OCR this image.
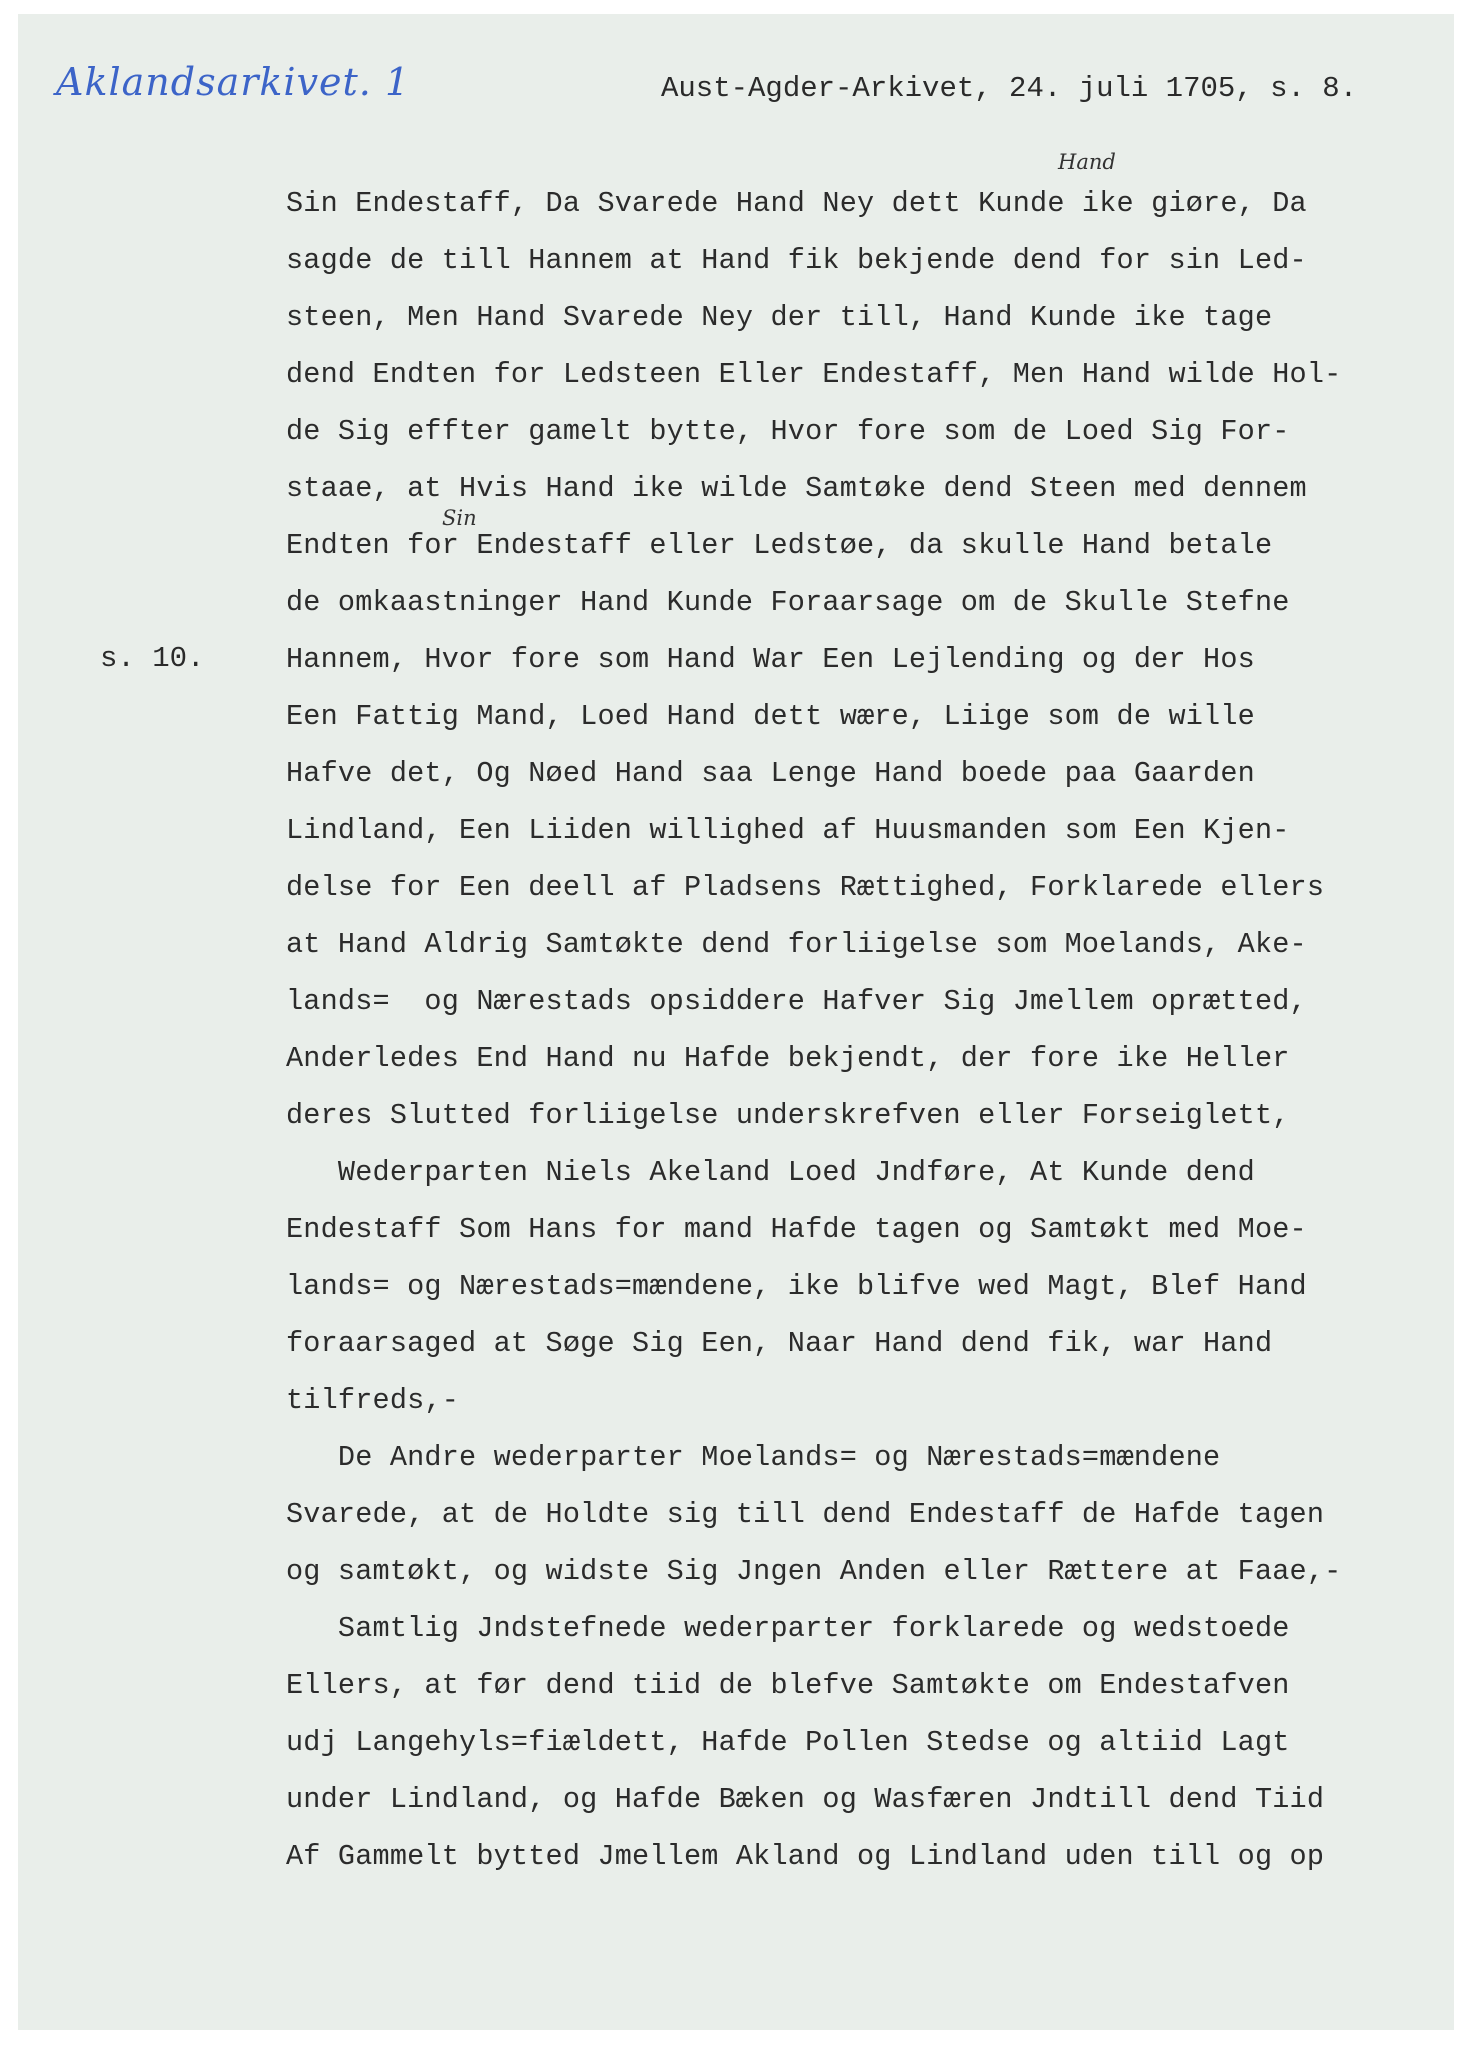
Aklandsarkivet. 1	Aust-Agder-Arkivet, 24. juli 1705, s. 8.
Hand
Sin
s. 10.
Sin Endestaff, Da Svarede Hand Ney dett Kunde ike giøre, Da
sagde de till Hannem at Hand fik bekjende dend for sin Led-
steen, Men Hand Svarede Ney der till, Hand Kunde ike tage
dend Endten for Ledsteen Eller Endestaff, Men Hand wilde Hol-
de Sig effter gamelt bytte, Hvor fore som de Loed Sig For-
staae, at Hvis Hand ike wilde Samtøke dend Steen med dennem
Endten for Endestaff eller Ledstøe, da skulle Hand betale
de omkaastninger Hand Kunde Foraarsage om de Skulle Stefne
Hannem, Hvor fore som Hand War Een Lejlending og der Hos
Een Fattig Mand, Loed Hand dett wære, Liige som de wille
Hafve det, Og Nøed Hand saa Lenge Hand boede paa Gaarden
Lindland, Een Liiden willighed af Huusmanden som Een Kjen-
delse for Een deell af Pladsens Rættighed, Forklarede ellers
at Hand Aldrig Samtøkte dend forliigelse som Moelands, Ake-
lands=  og Nærestads opsiddere Hafver Sig Jmellem oprætted,
Anderledes End Hand nu Hafde bekjendt, der fore ike Heller
deres Slutted forliigelse underskrefven eller Forseiglett,
Wederparten Niels Akeland Loed Jndføre, At Kunde dend
Endestaff Som Hans for mand Hafde tagen og Samtøkt med Moe-
lands= og Nærestads=mændene, ike blifve wed Magt, Blef Hand
foraarsaged at Søge Sig Een, Naar Hand dend fik, war Hand
tilfreds,-
De Andre wederparter Moelands= og Nærestads=mændene
Svarede, at de Holdte sig till dend Endestaff de Hafde tagen
og samtøkt, og widste Sig Jngen Anden eller Rættere at Faae,-
Samtlig Jndstefnede wederparter forklarede og wedstoede
Ellers, at før dend tiid de blefve Samtøkte om Endestafven
udj Langehyls=fiældett, Hafde Pollen Stedse og altiid Lagt
under Lindland, og Hafde Bæken og Wasfæren Jndtill dend Tiid
Af Gammelt bytted Jmellem Akland og Lindland uden till og op
